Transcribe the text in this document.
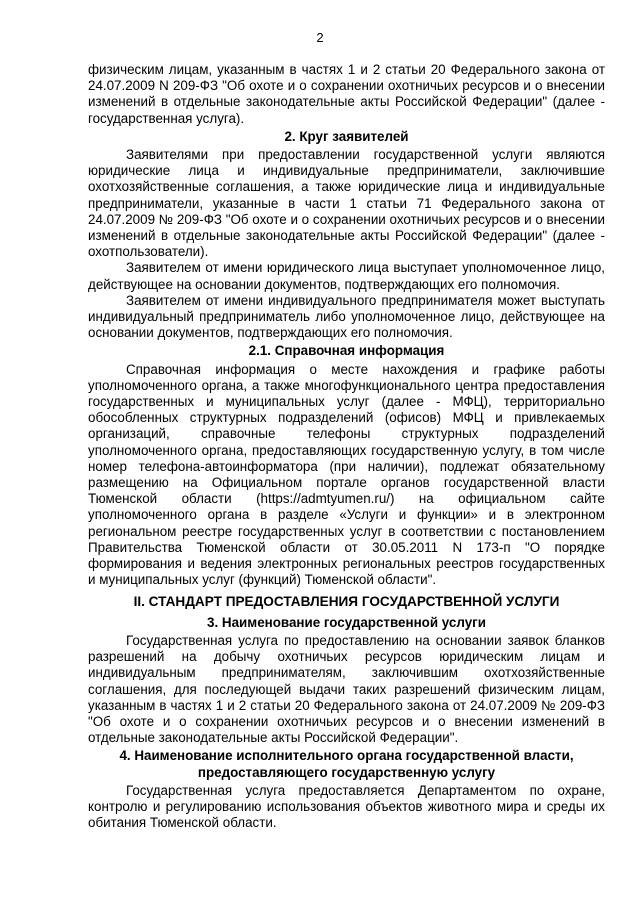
2

физическим лицам, указанным в частях 1 и 2 статьи 20 Федерального закона от 24.07.2009 N 209-ФЗ "Об охоте и о сохранении охотничьих ресурсов и о внесении изменений в отдельные законодательные акты Российской Федерации" (далее - государственная услуга).

2. Круг заявителей

Заявителями при предоставлении государственной услуги являются юридические лица и индивидуальные предприниматели, заключившие охотхозяйственные соглашения, а также юридические лица и индивидуальные предприниматели, указанные в части 1 статьи 71 Федерального закона от 24.07.2009 № 209-ФЗ "Об охоте и о сохранении охотничьих ресурсов и о внесении изменений в отдельные законодательные акты Российской Федерации" (далее - охотпользователи).

Заявителем от имени юридического лица выступает уполномоченное лицо, действующее на основании документов, подтверждающих его полномочия.

Заявителем от имени индивидуального предпринимателя может выступать индивидуальный предприниматель либо уполномоченное лицо, действующее на основании документов, подтверждающих его полномочия.

2.1. Справочная информация

Справочная информация о месте нахождения и графике работы уполномоченного органа, а также многофункционального центра предоставления государственных и муниципальных услуг (далее - МФЦ), территориально обособленных структурных подразделений (офисов) МФЦ и привлекаемых организаций, справочные телефоны структурных подразделений уполномоченного органа, предоставляющих государственную услугу, в том числе номер телефона-автоинформатора (при наличии), подлежат обязательному размещению на Официальном портале органов государственной власти Тюменской области (https://admtyumen.ru/) на официальном сайте уполномоченного органа в разделе «Услуги и функции» и в электронном региональном реестре государственных услуг в соответствии с постановлением Правительства Тюменской области от 30.05.2011 N 173-п "О порядке формирования и ведения электронных региональных реестров государственных и муниципальных услуг (функций) Тюменской области".

II. СТАНДАРТ ПРЕДОСТАВЛЕНИЯ ГОСУДАРСТВЕННОЙ УСЛУГИ
3. Наименование государственной услуги

Государственная услуга по предоставлению на основании заявок бланков разрешений на добычу охотничьих ресурсов юридическим лицам и индивидуальным предпринимателям, заключившим охотхозяйственные соглашения, для последующей выдачи таких разрешений физическим лицам, указанным в частях 1 и 2 статьи 20 Федерального закона от 24.07.2009 № 209-ФЗ "Об охоте и о сохранении охотничьих ресурсов и о внесении изменений в отдельные законодательные акты Российской Федерации".

4. Наименование исполнительного органа государственной власти, предоставляющего государственную услугу

Государственная услуга предоставляется Департаментом по охране, контролю и регулированию использования объектов животного мира и среды их обитания Тюменской области.
